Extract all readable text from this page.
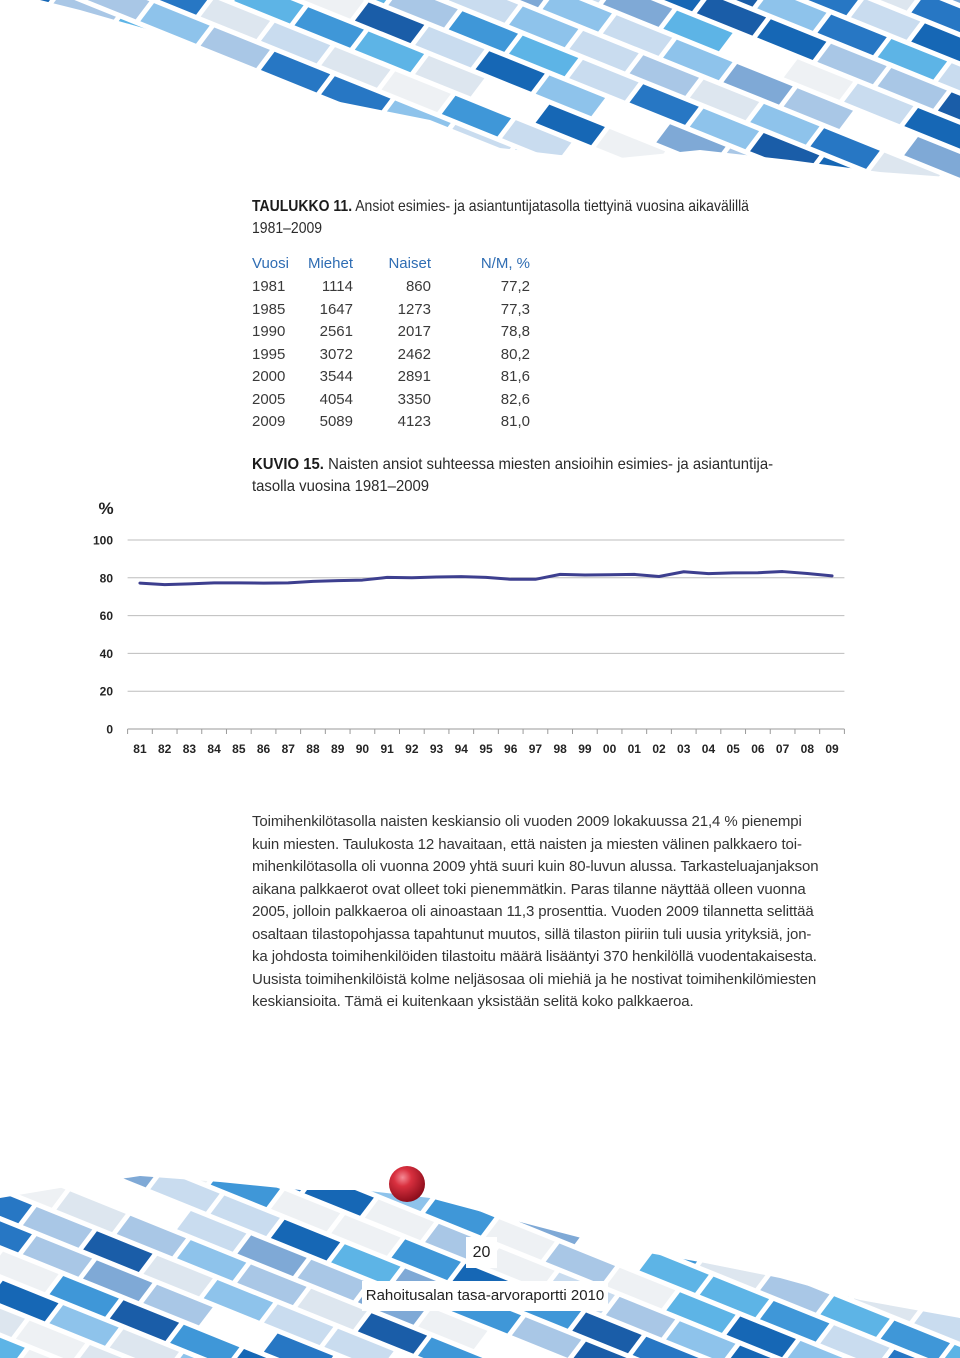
TAULUKKO 11. Ansiot esimies- ja asiantuntijatasolla tiettyinä vuosina aikavälillä
1981–2009
Vuosi	Miehet	Naiset	N/M, %
1981	1114	860	77,2
1985	1647	1273	77,3
1990	2561	2017	78,8
1995	3072	2462	80,2
2000	3544	2891	81,6
2005	4054	3350	82,6
2009	5089	4123	81,0
KUVIO 15. Naisten ansiot suhteessa miesten ansioihin esimies- ja asiantuntija-
tasolla vuosina 1981–2009
%
0
20
40
60
80
100
81 82 83 84 85 86 87 88 89 90 91 92 93 94 95 96 97 98 99 00 01 02 03 04 05 06 07 08 09
Toimihenkilötasolla naisten keskiansio oli vuoden 2009 lokakuussa 21,4 % pienempi
kuin miesten. Taulukosta 12 havaitaan, että naisten ja miesten välinen palkkaero toi-
mihenkilötasolla oli vuonna 2009 yhtä suuri kuin 80-luvun alussa. Tarkasteluajanjakson
aikana palkkaerot ovat olleet toki pienemmätkin. Paras tilanne näyttää olleen vuonna
2005, jolloin palkkaeroa oli ainoastaan 11,3 prosenttia. Vuoden 2009 tilannetta selittää
osaltaan tilastopohjassa tapahtunut muutos, sillä tilaston piiriin tuli uusia yrityksiä, jon-
ka johdosta toimihenkilöiden tilastoitu määrä lisääntyi 370 henkilöllä vuodentakaisesta.
Uusista toimihenkilöistä kolme neljäsosaa oli miehiä ja he nostivat toimihenkilömiesten
keskiansioita. Tämä ei kuitenkaan yksistään selitä koko palkkaeroa.
20
Rahoitusalan tasa-arvoraportti 2010
